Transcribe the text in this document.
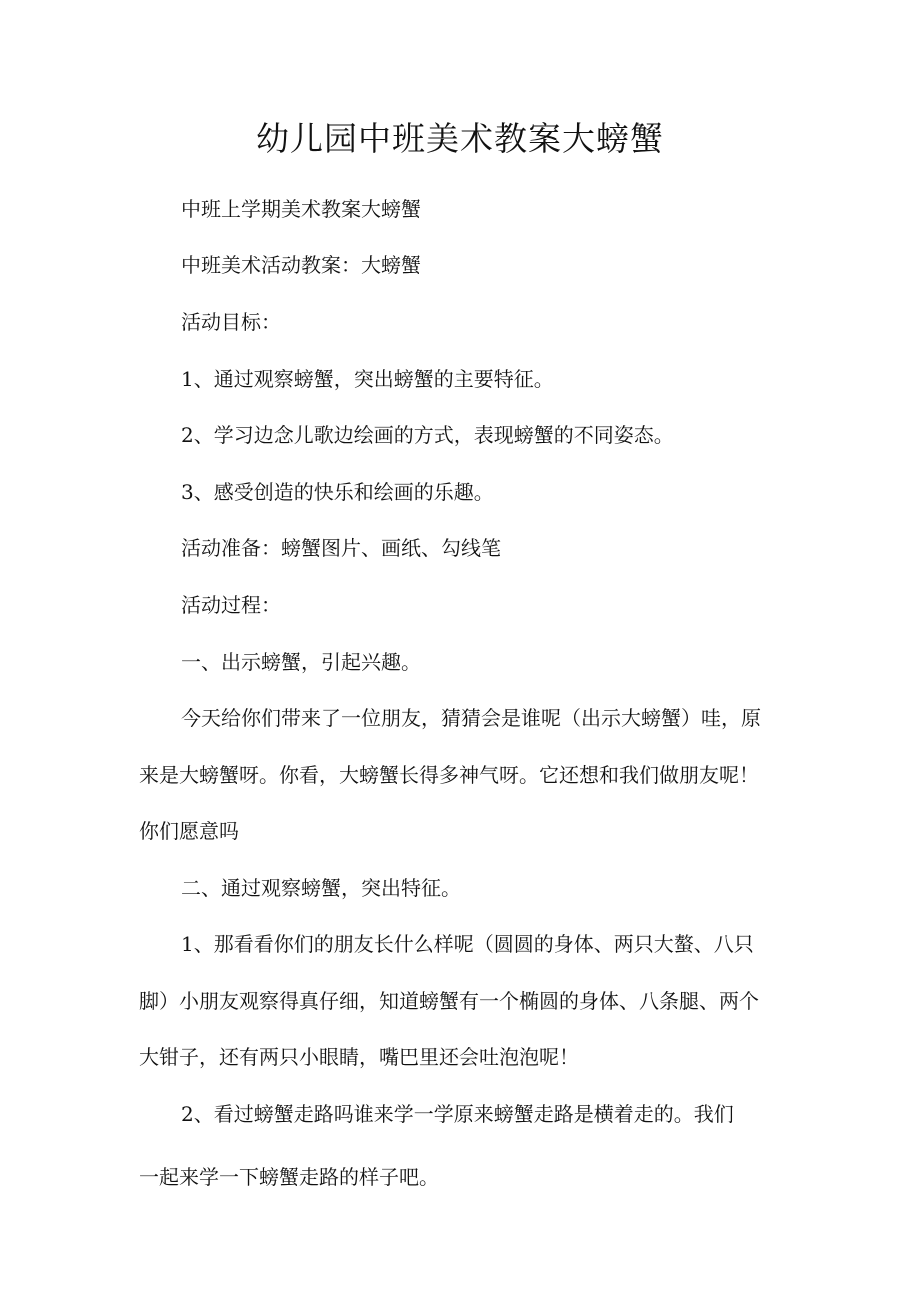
幼儿园中班美术教案大螃蟹
中班上学期美术教案大螃蟹
中班美术活动教案：大螃蟹
活动目标：
1、通过观察螃蟹，突出螃蟹的主要特征。
2、学习边念儿歌边绘画的方式，表现螃蟹的不同姿态。
3、感受创造的快乐和绘画的乐趣。
活动准备：螃蟹图片、画纸、勾线笔
活动过程：
一、出示螃蟹，引起兴趣。
今天给你们带来了一位朋友，猜猜会是谁呢（出示大螃蟹）哇，原
来是大螃蟹呀。你看，大螃蟹长得多神气呀。它还想和我们做朋友呢！
你们愿意吗
二、通过观察螃蟹，突出特征。
1、那看看你们的朋友长什么样呢（圆圆的身体、两只大螯、八只
脚）小朋友观察得真仔细，知道螃蟹有一个椭圆的身体、八条腿、两个
大钳子，还有两只小眼睛，嘴巴里还会吐泡泡呢！
2、看过螃蟹走路吗谁来学一学原来螃蟹走路是横着走的。我们
一起来学一下螃蟹走路的样子吧。
